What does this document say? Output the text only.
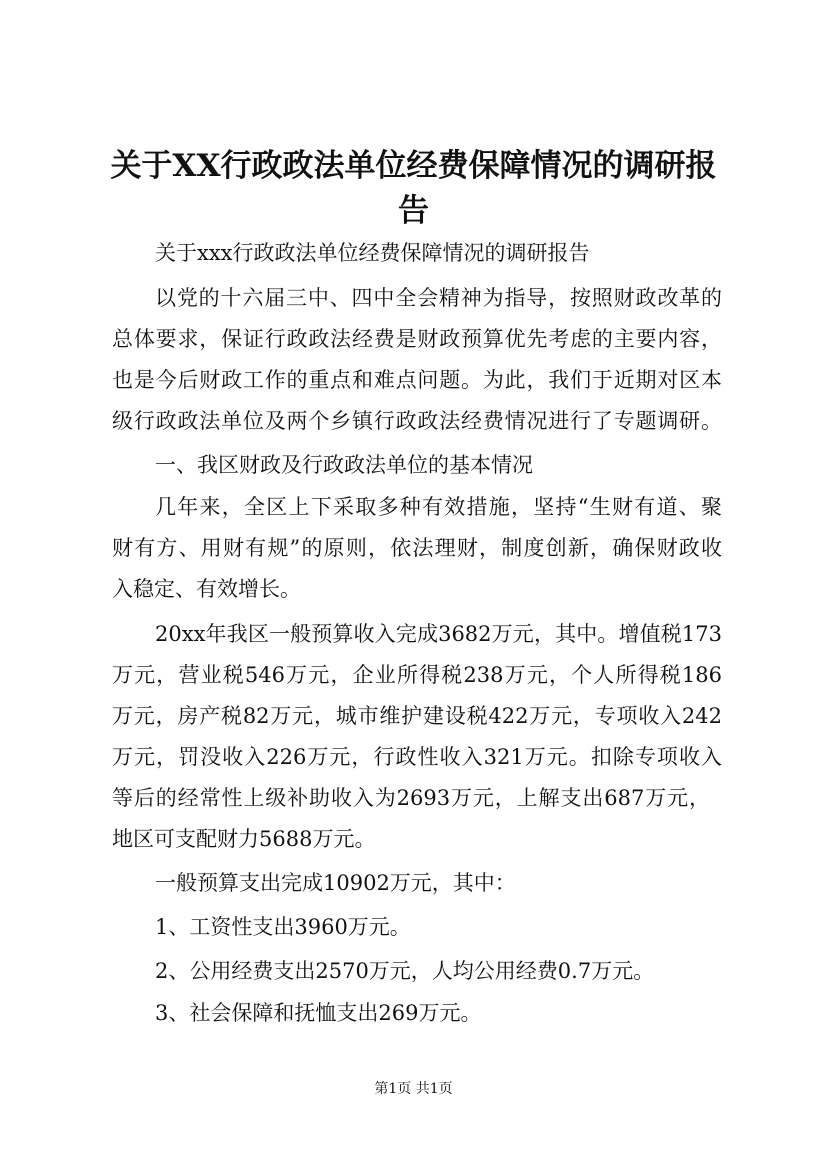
关于XX行政政法单位经费保障情况的调研报
告

关于xxx行政政法单位经费保障情况的调研报告

以党的十六届三中、四中全会精神为指导，按照财政改革的

总体要求，保证行政政法经费是财政预算优先考虑的主要内容，

也是今后财政工作的重点和难点问题。为此，我们于近期对区本

级行政政法单位及两个乡镇行政政法经费情况进行了专题调研。

一、我区财政及行政政法单位的基本情况

几年来，全区上下采取多种有效措施，坚持“生财有道、聚

财有方、用财有规”的原则，依法理财，制度创新，确保财政收

入稳定、有效增长。

20xx年我区一般预算收入完成3682万元，其中。增值税173

万元，营业税546万元，企业所得税238万元，个人所得税186

万元，房产税82万元，城市维护建设税422万元，专项收入242

万元，罚没收入226万元，行政性收入321万元。扣除专项收入

等后的经常性上级补助收入为2693万元，上解支出687万元，

地区可支配财力5688万元。

一般预算支出完成10902万元，其中：

1、工资性支出3960万元。

2、公用经费支出2570万元，人均公用经费0.7万元。

3、社会保障和抚恤支出269万元。

第1页 共1页
